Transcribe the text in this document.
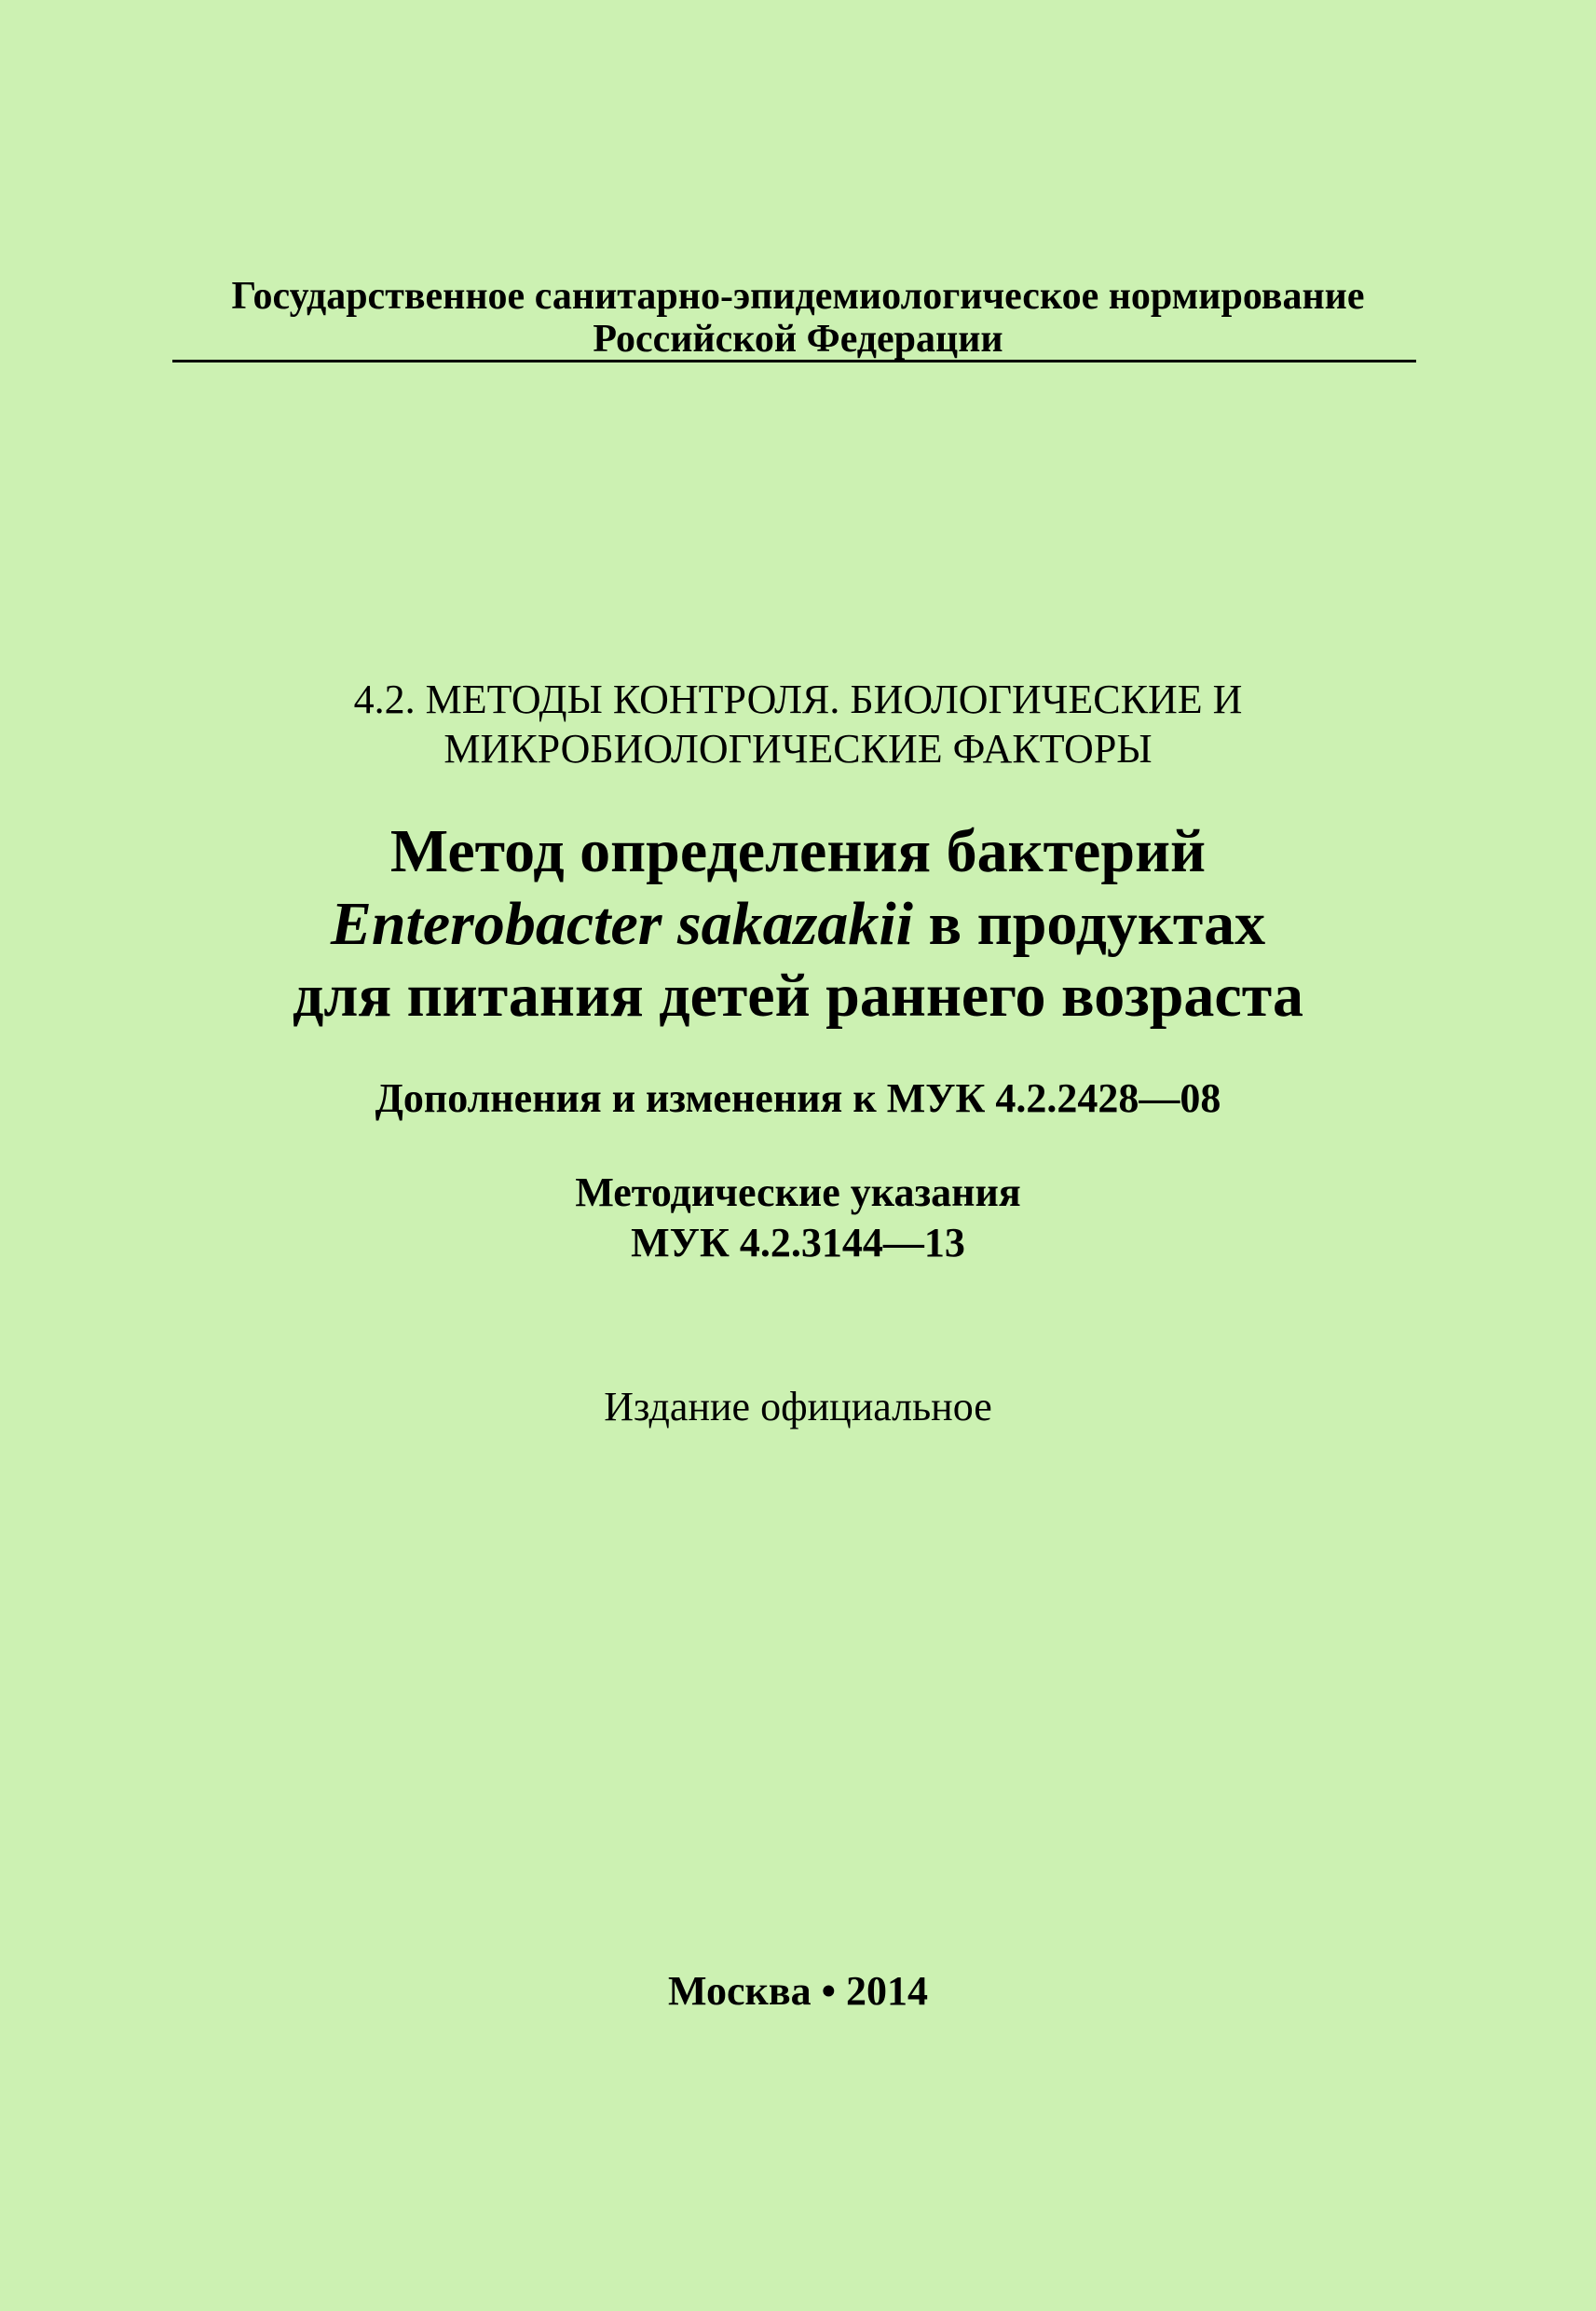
Государственное санитарно-эпидемиологическое нормирование
Российской Федерации
4.2. МЕТОДЫ КОНТРОЛЯ. БИОЛОГИЧЕСКИЕ И
МИКРОБИОЛОГИЧЕСКИЕ ФАКТОРЫ
Метод определения бактерий
Enterobacter sakazakii в продуктах
для питания детей раннего возраста
Дополнения и изменения к МУК 4.2.2428—08
Методические указания
МУК 4.2.3144—13
Издание официальное
Москва • 2014
